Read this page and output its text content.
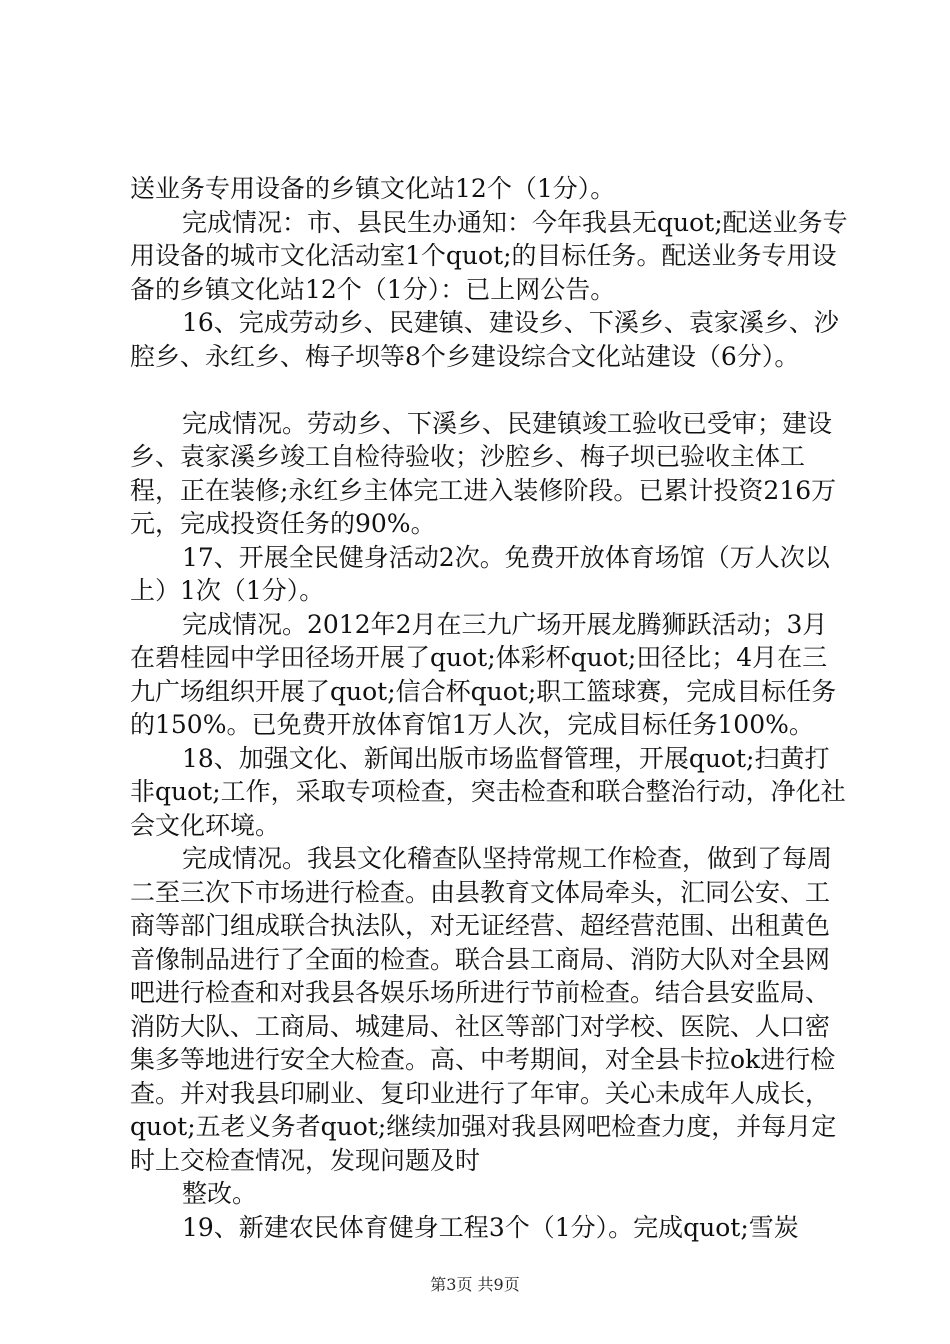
送业务专用设备的乡镇文化站12个（1分）。

完成情况：市、县民生办通知：今年我县无quot;配送业务专用设备的城市文化活动室1个quot;的目标任务。配送业务专用设备的乡镇文化站12个（1分）：已上网公告。

16、完成劳动乡、民建镇、建设乡、下溪乡、袁家溪乡、沙腔乡、永红乡、梅子坝等8个乡建设综合文化站建设（6分）。

完成情况。劳动乡、下溪乡、民建镇竣工验收已受审；建设乡、袁家溪乡竣工自检待验收；沙腔乡、梅子坝已验收主体工程，正在装修;永红乡主体完工进入装修阶段。已累计投资216万元，完成投资任务的90%。

17、开展全民健身活动2次。免费开放体育场馆（万人次以上）1次（1分）。

完成情况。2012年2月在三九广场开展龙腾狮跃活动；3月在碧桂园中学田径场开展了quot;体彩杯quot;田径比；4月在三九广场组织开展了quot;信合杯quot;职工篮球赛，完成目标任务的150%。已免费开放体育馆1万人次，完成目标任务100%。

18、加强文化、新闻出版市场监督管理，开展quot;扫黄打非quot;工作，采取专项检查，突击检查和联合整治行动，净化社会文化环境。

完成情况。我县文化稽查队坚持常规工作检查，做到了每周二至三次下市场进行检查。由县教育文体局牵头，汇同公安、工商等部门组成联合执法队，对无证经营、超经营范围、出租黄色音像制品进行了全面的检查。联合县工商局、消防大队对全县网吧进行检查和对我县各娱乐场所进行节前检查。结合县安监局、消防大队、工商局、城建局、社区等部门对学校、医院、人口密集多等地进行安全大检查。高、中考期间，对全县卡拉ok进行检查。并对我县印刷业、复印业进行了年审。关心未成年人成长，quot;五老义务者quot;继续加强对我县网吧检查力度，并每月定时上交检查情况，发现问题及时

整改。

19、新建农民体育健身工程3个（1分）。完成quot;雪炭

第3页 共9页
